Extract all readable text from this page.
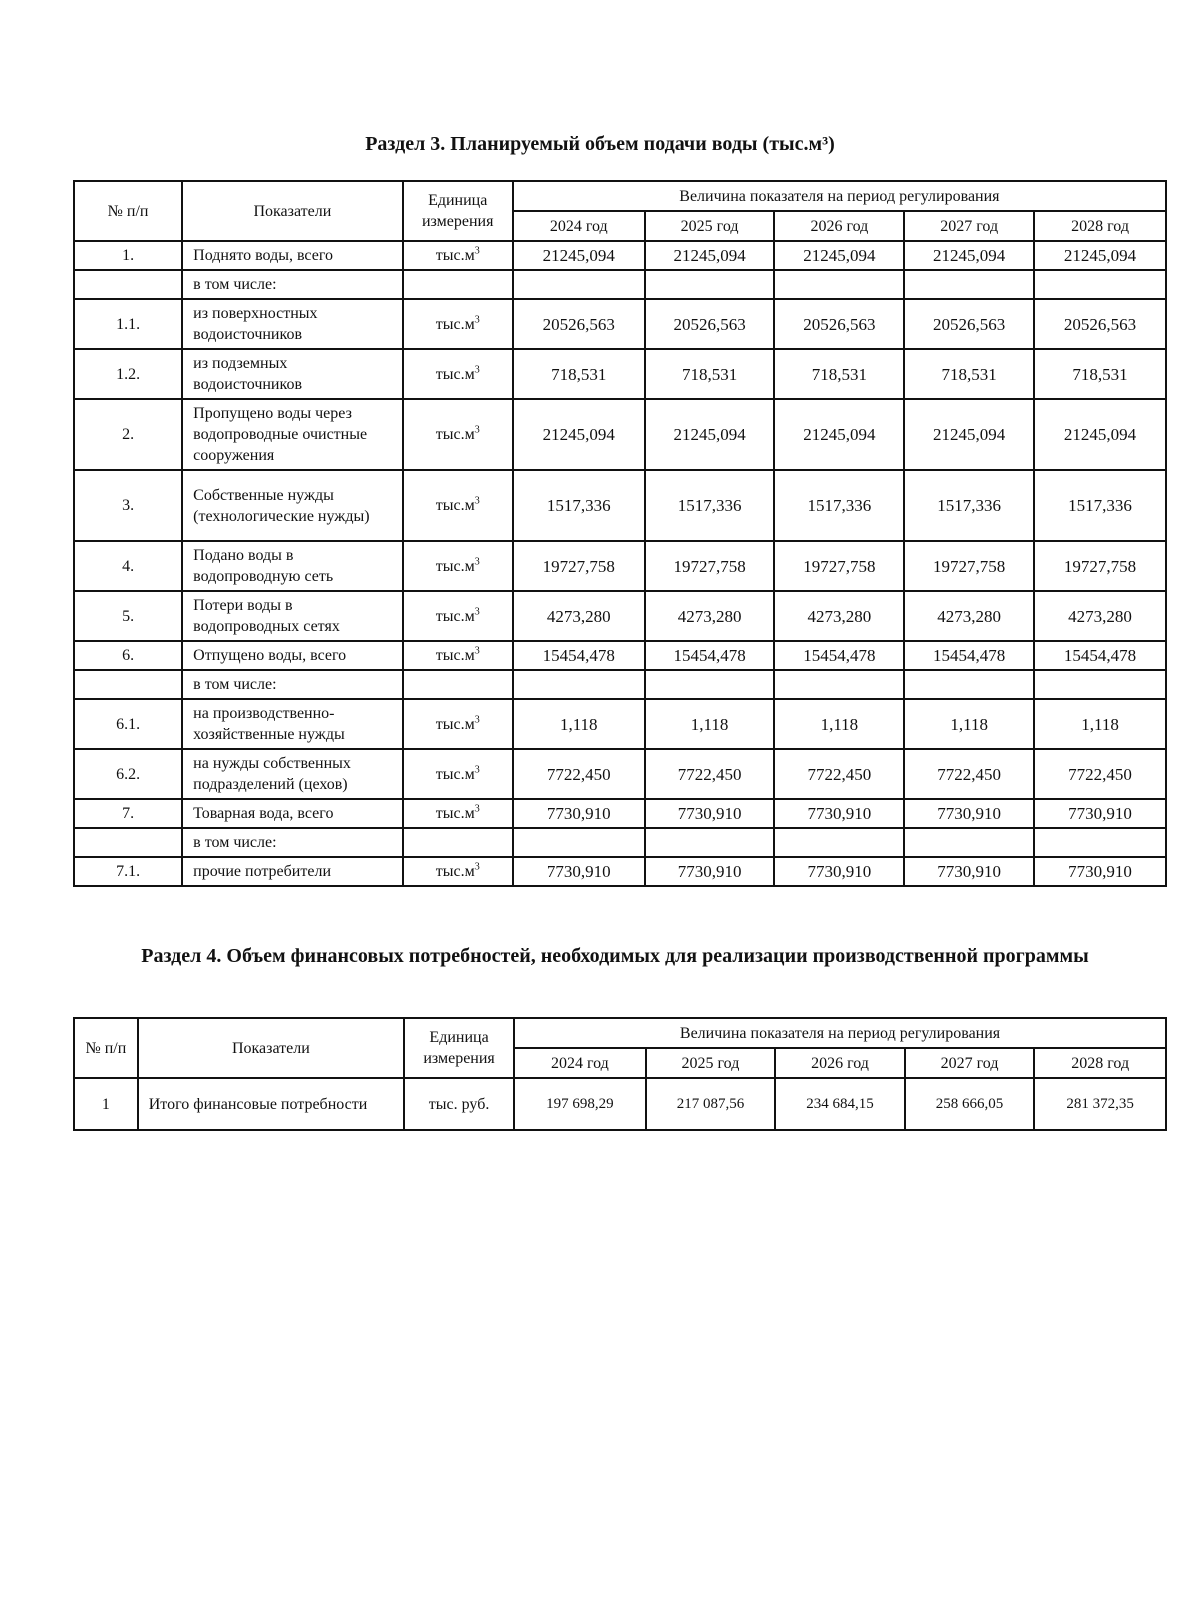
Раздел 3. Планируемый объем подачи воды (тыс.м³)
№ п/п	Показатели	Единица измерения	Величина показателя на период регулирования				
			2024 год	2025 год	2026 год	2027 год	2028 год
1.	Поднято воды, всего	$тыс.м^3$	21245,094	21245,094	21245,094	21245,094	21245,094
	в том числе:						
1.1.	из поверхностных водоисточников	$тыс.м^3$	20526,563	20526,563	20526,563	20526,563	20526,563
1.2.	из подземных водоисточников	$тыс.м^3$	718,531	718,531	718,531	718,531	718,531
2.	Пропущено воды через водопроводные очистные сооружения	$тыс.м^3$	21245,094	21245,094	21245,094	21245,094	21245,094
3.	Собственные нужды (технологические нужды)	$тыс.м^3$	1517,336	1517,336	1517,336	1517,336	1517,336
4.	Подано воды в водопроводную сеть	$тыс.м^3$	19727,758	19727,758	19727,758	19727,758	19727,758
5.	Потери воды в водопроводных сетях	$тыс.м^3$	4273,280	4273,280	4273,280	4273,280	4273,280
6.	Отпущено воды, всего	$тыс.м^3$	15454,478	15454,478	15454,478	15454,478	15454,478
	в том числе:						
6.1.	на производственно-хозяйственные нужды	$тыс.м^3$	1,118	1,118	1,118	1,118	1,118
6.2.	на нужды собственных подразделений (цехов)	$тыс.м^3$	7722,450	7722,450	7722,450	7722,450	7722,450
7.	Товарная вода, всего	$тыс.м^3$	7730,910	7730,910	7730,910	7730,910	7730,910
	в том числе:						
7.1.	прочие потребители	$тыс.м^3$	7730,910	7730,910	7730,910	7730,910	7730,910
Раздел 4. Объем финансовых потребностей, необходимых для реализации производственной программы
№ п/п	Показатели	Единица измерения	Величина показателя на период регулирования				
			2024 год	2025 год	2026 год	2027 год	2028 год
1	Итого финансовые потребности	тыс. руб.	197 698,29	217 087,56	234 684,15	258 666,05	281 372,35
